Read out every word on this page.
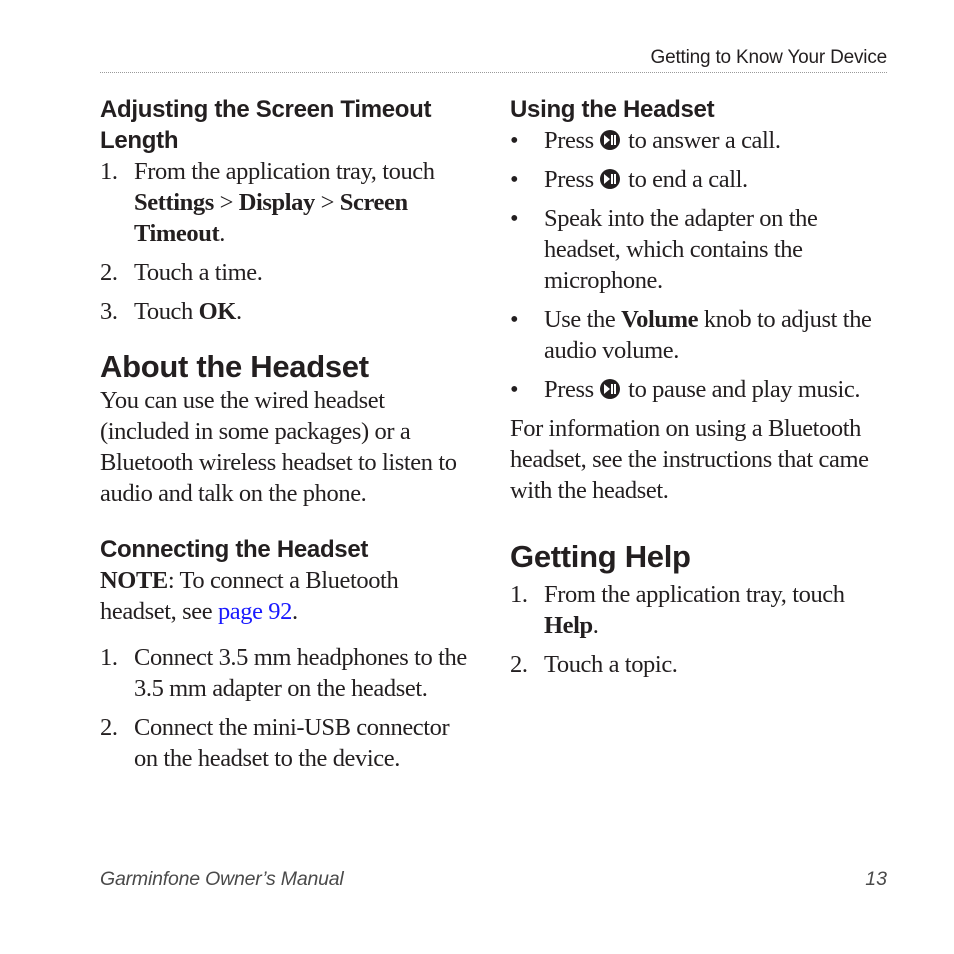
Getting to Know Your Device
Adjusting the Screen Timeout Length
1. From the application tray, touch Settings > Display > Screen Timeout.
2. Touch a time.
3. Touch OK.
About the Headset

You can use the wired headset (included in some packages) or a Bluetooth wireless headset to listen to audio and talk on the phone.

Connecting the Headset

NOTE: To connect a Bluetooth headset, see page 92.

1. Connect 3.5 mm headphones to the 3.5 mm adapter on the headset.
2. Connect the mini-USB connector on the headset to the device.
Using the Headset
• Press  to answer a call.
• Press  to end a call.
• Speak into the adapter on the headset, which contains the microphone.
• Use the Volume knob to adjust the audio volume.
• Press  to pause and play music.

For information on using a Bluetooth headset, see the instructions that came with the headset.

Getting Help
1. From the application tray, touch Help.
2. Touch a topic.
Garminfone Owner’s Manual	13
